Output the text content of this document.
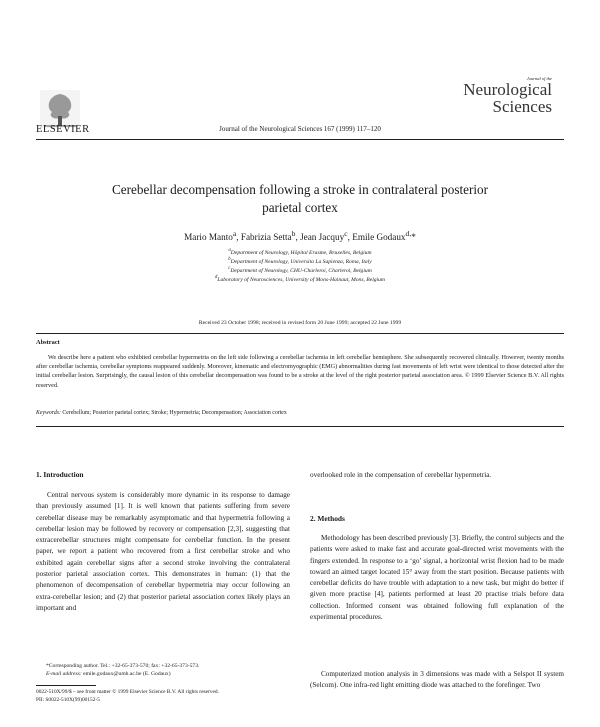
ELSEVIER	Journal of the Neurological Sciences 167 (1999) 117–120
Journal of the
Neurological
Sciences
Cerebellar decompensation following a stroke in contralateral posterior
parietal cortex
Mario Manto$^a$, Fabrizia Setta$^b$, Jean Jacquy$^c$, Emile Godaux$^{d,}$*
$^a$Department of Neurology, Hôpital Erasme, Bruxelles, Belgium
$^b$Department of Neurology, Universita La Sapienza, Roma, Italy
$^c$Department of Neurology, CHU-Charleroi, Charleroi, Belgium
$^d$Laboratory of Neurosciences, University of Mons-Hainaut, Mons, Belgium
Received 23 October 1998; received in revised form 20 June 1999; accepted 22 June 1999
Abstract
We describe here a patient who exhibited cerebellar hypermetria on the left side following a cerebellar ischemia in left cerebellar hemisphere. She subsequently recovered clinically. However, twenty months after cerebellar ischemia, cerebellar symptoms reappeared suddenly. Moreover, kinematic and electromyographic (EMG) abnormalities during fast movements of left wrist were identical to those detected after the initial cerebellar lesion. Surprisingly, the causal lesion of this cerebellar decompensation was found to be a stroke at the level of the right posterior parietal association area. © 1999 Elsevier Science B.V. All rights reserved.
Keywords: Cerebellum; Posterior parietal cortex; Stroke; Hypermetria; Decompensation; Association cortex
1. Introduction
Central nervous system is considerably more dynamic in its response to damage than previously assumed [1]. It is well known that patients suffering from severe cerebellar disease may be remarkably asymptomatic and that hypermetria following a cerebellar lesion may be followed by recovery or compensation [2,3], suggesting that extracerebellar structures might compensate for cerebellar function. In the present paper, we report a patient who recovered from a first cerebellar stroke and who exhibited again cerebellar signs after a second stroke involving the contralateral posterior parietal association cortex. This demonstrates in human: (1) that the phenomenon of decompensation of cerebellar hypermetria may occur following an extra-cerebellar lesion; and (2) that posterior parietal association cortex likely plays an important and
*Corresponding author. Tel.: +32-65-373-570; fax: +32-65-373-573.
E-mail address: emile.godaux@umh.ac.be (E. Godaux)
0022-510X/99/$ – see front matter © 1999 Elsevier Science B.V. All rights reserved.
PII: S0022-510X(99)00152-5
overlooked role in the compensation of cerebellar hypermetria.
2. Methods
Methodology has been described previously [3]. Briefly, the control subjects and the patients were asked to make fast and accurate goal-directed wrist movements with the fingers extended. In response to a ‘go’ signal, a horizontal wrist flexion had to be made toward an aimed target located 15° away from the start position. Because patients with cerebellar deficits do have trouble with adaptation to a new task, but might do better if given more practise [4], patients performed at least 20 practise trials before data collection. Informed consent was obtained following full explanation of the experimental procedures.
Computerized motion analysis in 3 dimensions was made with a Selspot II system (Selcom). One infra-red light emitting diode was attached to the forefinger. Two
